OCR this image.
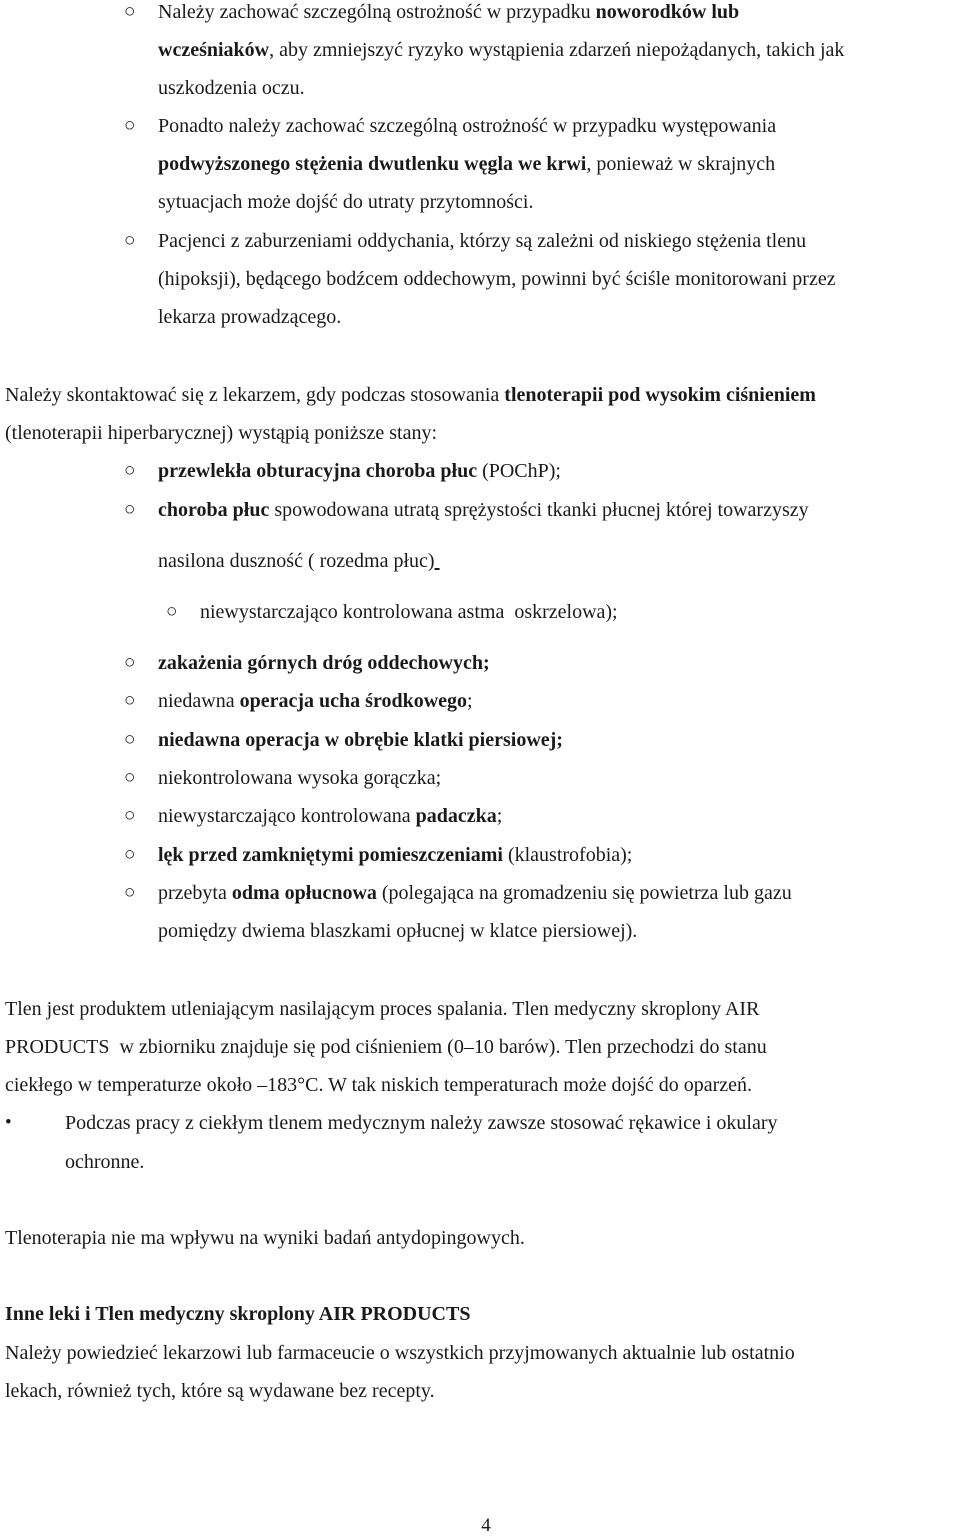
○ Należy zachować szczególną ostrożność w przypadku noworodków lub
wcześniaków, aby zmniejszyć ryzyko wystąpienia zdarzeń niepożądanych, takich jak
uszkodzenia oczu.
○ Ponadto należy zachować szczególną ostrożność w przypadku występowania
podwyższonego stężenia dwutlenku węgla we krwi, ponieważ w skrajnych
sytuacjach może dojść do utraty przytomności.
○ Pacjenci z zaburzeniami oddychania, którzy są zależni od niskiego stężenia tlenu
(hipoksji), będącego bodźcem oddechowym, powinni być ściśle monitorowani przez
lekarza prowadzącego.
Należy skontaktować się z lekarzem, gdy podczas stosowania tlenoterapii pod wysokim ciśnieniem
(tlenoterapii hiperbarycznej) wystąpią poniższe stany:
○ przewlekła obturacyjna choroba płuc (POChP);
○ choroba płuc spowodowana utratą sprężystości tkanki płucnej której towarzyszy
nasilona duszność ( rozedma płuc)
○ niewystarczająco kontrolowana astma  oskrzelowa);
○ zakażenia górnych dróg oddechowych;
○ niedawna operacja ucha środkowego;
○ niedawna operacja w obrębie klatki piersiowej;
○ niekontrolowana wysoka gorączka;
○ niewystarczająco kontrolowana padaczka;
○ lęk przed zamkniętymi pomieszczeniami (klaustrofobia);
○ przebyta odma opłucnowa (polegająca na gromadzeniu się powietrza lub gazu
pomiędzy dwiema blaszkami opłucnej w klatce piersiowej).
Tlen jest produktem utleniającym nasilającym proces spalania. Tlen medyczny skroplony AIR
PRODUCTS  w zbiorniku znajduje się pod ciśnieniem (0–10 barów). Tlen przechodzi do stanu
ciekłego w temperaturze około –183°C. W tak niskich temperaturach może dojść do oparzeń.
•	Podczas pracy z ciekłym tlenem medycznym należy zawsze stosować rękawice i okulary
ochronne.
Tlenoterapia nie ma wpływu na wyniki badań antydopingowych.
Inne leki i Tlen medyczny skroplony AIR PRODUCTS
Należy powiedzieć lekarzowi lub farmaceucie o wszystkich przyjmowanych aktualnie lub ostatnio
lekach, również tych, które są wydawane bez recepty.
4
